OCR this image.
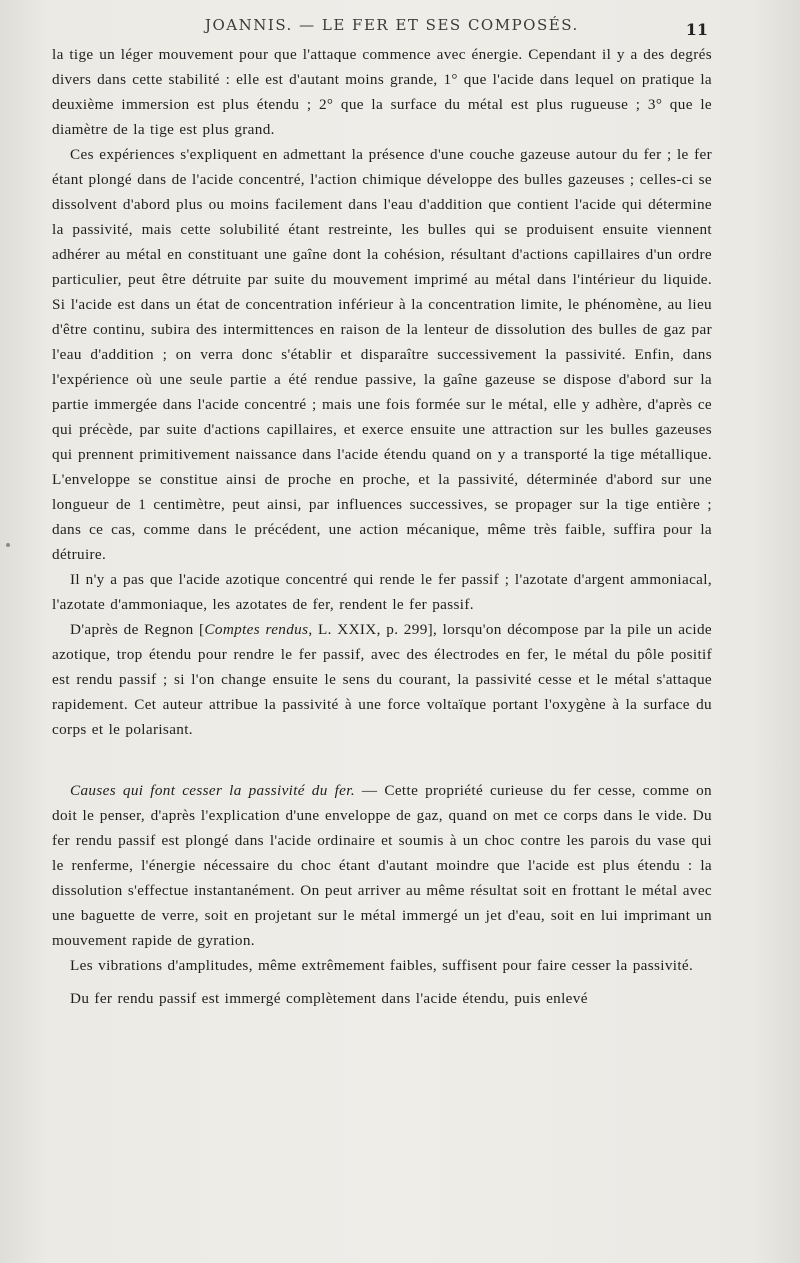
JOANNIS. — LE FER ET SES COMPOSÉS.	11

la tige un léger mouvement pour que l'attaque commence avec énergie. Cependant il y a des degrés divers dans cette stabilité : elle est d'autant moins grande, 1° que l'acide dans lequel on pratique la deuxième immersion est plus étendu ; 2° que la surface du métal est plus rugueuse ; 3° que le diamètre de la tige est plus grand.

Ces expériences s'expliquent en admettant la présence d'une couche gazeuse autour du fer ; le fer étant plongé dans de l'acide concentré, l'action chimique développe des bulles gazeuses ; celles-ci se dissolvent d'abord plus ou moins facilement dans l'eau d'addition que contient l'acide qui détermine la passivité, mais cette solubilité étant restreinte, les bulles qui se produisent ensuite viennent adhérer au métal en constituant une gaîne dont la cohésion, résultant d'actions capillaires d'un ordre particulier, peut être détruite par suite du mouvement imprimé au métal dans l'intérieur du liquide. Si l'acide est dans un état de concentration inférieur à la concentration limite, le phénomène, au lieu d'être continu, subira des intermittences en raison de la lenteur de dissolution des bulles de gaz par l'eau d'addition ; on verra donc s'établir et disparaître successivement la passivité. Enfin, dans l'expérience où une seule partie a été rendue passive, la gaîne gazeuse se dispose d'abord sur la partie immergée dans l'acide concentré ; mais une fois formée sur le métal, elle y adhère, d'après ce qui précède, par suite d'actions capillaires, et exerce ensuite une attraction sur les bulles gazeuses qui prennent primitivement naissance dans l'acide étendu quand on y a transporté la tige métallique. L'enveloppe se constitue ainsi de proche en proche, et la passivité, déterminée d'abord sur une longueur de 1 centimètre, peut ainsi, par influences successives, se propager sur la tige entière ; dans ce cas, comme dans le précédent, une action mécanique, même très faible, suffira pour la détruire.

Il n'y a pas que l'acide azotique concentré qui rende le fer passif ; l'azotate d'argent ammoniacal, l'azotate d'ammoniaque, les azotates de fer, rendent le fer passif.

D'après de Regnon [Comptes rendus, L. XXIX, p. 299], lorsqu'on décompose par la pile un acide azotique, trop étendu pour rendre le fer passif, avec des électrodes en fer, le métal du pôle positif est rendu passif ; si l'on change ensuite le sens du courant, la passivité cesse et le métal s'attaque rapidement. Cet auteur attribue la passivité à une force voltaïque portant l'oxygène à la surface du corps et le polarisant.

Causes qui font cesser la passivité du fer. — Cette propriété curieuse du fer cesse, comme on doit le penser, d'après l'explication d'une enveloppe de gaz, quand on met ce corps dans le vide. Du fer rendu passif est plongé dans l'acide ordinaire et soumis à un choc contre les parois du vase qui le renferme, l'énergie nécessaire du choc étant d'autant moindre que l'acide est plus étendu : la dissolution s'effectue instantanément. On peut arriver au même résultat soit en frottant le métal avec une baguette de verre, soit en projetant sur le métal immergé un jet d'eau, soit en lui imprimant un mouvement rapide de gyration.

Les vibrations d'amplitudes, même extrêmement faibles, suffisent pour faire cesser la passivité.

Du fer rendu passif est immergé complètement dans l'acide étendu, puis enlevé
